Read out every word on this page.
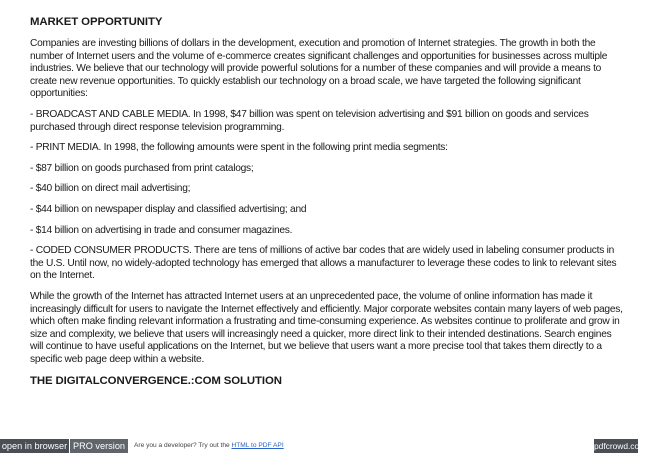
MARKET OPPORTUNITY

Companies are investing billions of dollars in the development, execution and promotion of Internet strategies. The growth in both the number of Internet users and the volume of e-commerce creates significant challenges and opportunities for businesses across multiple industries. We believe that our technology will provide powerful solutions for a number of these companies and will provide a means to create new revenue opportunities. To quickly establish our technology on a broad scale, we have targeted the following significant opportunities:

- BROADCAST AND CABLE MEDIA. In 1998, $47 billion was spent on television advertising and $91 billion on goods and services purchased through direct response television programming.

- PRINT MEDIA. In 1998, the following amounts were spent in the following print media segments:

- $87 billion on goods purchased from print catalogs;

- $40 billion on direct mail advertising;

- $44 billion on newspaper display and classified advertising; and

- $14 billion on advertising in trade and consumer magazines.

- CODED CONSUMER PRODUCTS. There are tens of millions of active bar codes that are widely used in labeling consumer products in the U.S. Until now, no widely-adopted technology has emerged that allows a manufacturer to leverage these codes to link to relevant sites on the Internet.

While the growth of the Internet has attracted Internet users at an unprecedented pace, the volume of online information has made it increasingly difficult for users to navigate the Internet effectively and efficiently. Major corporate websites contain many layers of web pages, which often make finding relevant information a frustrating and time-consuming experience. As websites continue to proliferate and grow in size and complexity, we believe that users will increasingly need a quicker, more direct link to their intended destinations. Search engines will continue to have useful applications on the Internet, but we believe that users want a more precise tool that takes them directly to a specific web page deep within a website.

THE DIGITALCONVERGENCE.:COM SOLUTION

open in browser PRO version	Are you a developer? Try out the HTML to PDF API	pdfcrowd.com
